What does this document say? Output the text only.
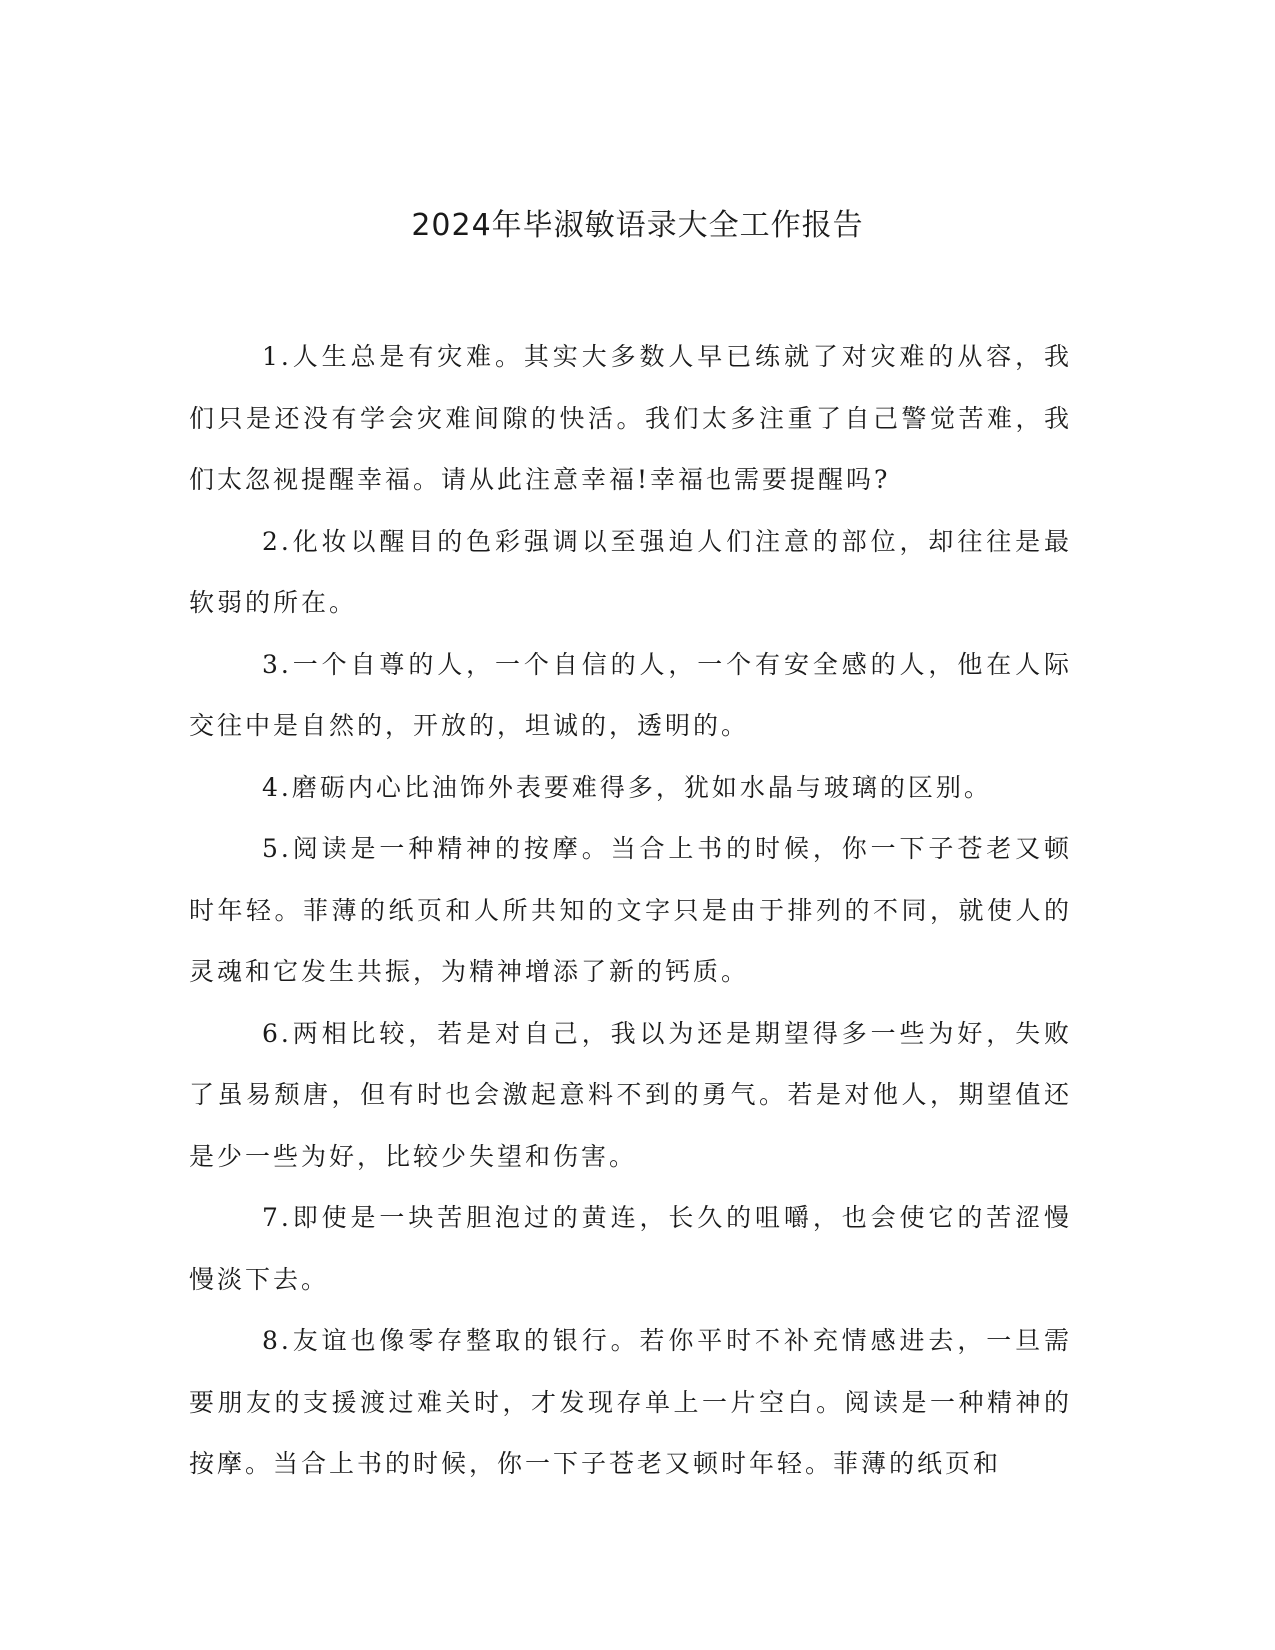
2024年毕淑敏语录大全工作报告

1.人生总是有灾难。其实大多数人早已练就了对灾难的从容，我们只是还没有学会灾难间隙的快活。我们太多注重了自己警觉苦难，我们太忽视提醒幸福。请从此注意幸福!幸福也需要提醒吗?

2.化妆以醒目的色彩强调以至强迫人们注意的部位，却往往是最软弱的所在。

3.一个自尊的人，一个自信的人，一个有安全感的人，他在人际交往中是自然的，开放的，坦诚的，透明的。

4.磨砺内心比油饰外表要难得多，犹如水晶与玻璃的区别。

5.阅读是一种精神的按摩。当合上书的时候，你一下子苍老又顿时年轻。菲薄的纸页和人所共知的文字只是由于排列的不同，就使人的灵魂和它发生共振，为精神增添了新的钙质。

6.两相比较，若是对自己，我以为还是期望得多一些为好，失败了虽易颓唐，但有时也会激起意料不到的勇气。若是对他人，期望值还是少一些为好，比较少失望和伤害。

7.即使是一块苦胆泡过的黄连，长久的咀嚼，也会使它的苦涩慢慢淡下去。

8.友谊也像零存整取的银行。若你平时不补充情感进去，一旦需要朋友的支援渡过难关时，才发现存单上一片空白。阅读是一种精神的按摩。当合上书的时候，你一下子苍老又顿时年轻。菲薄的纸页和
